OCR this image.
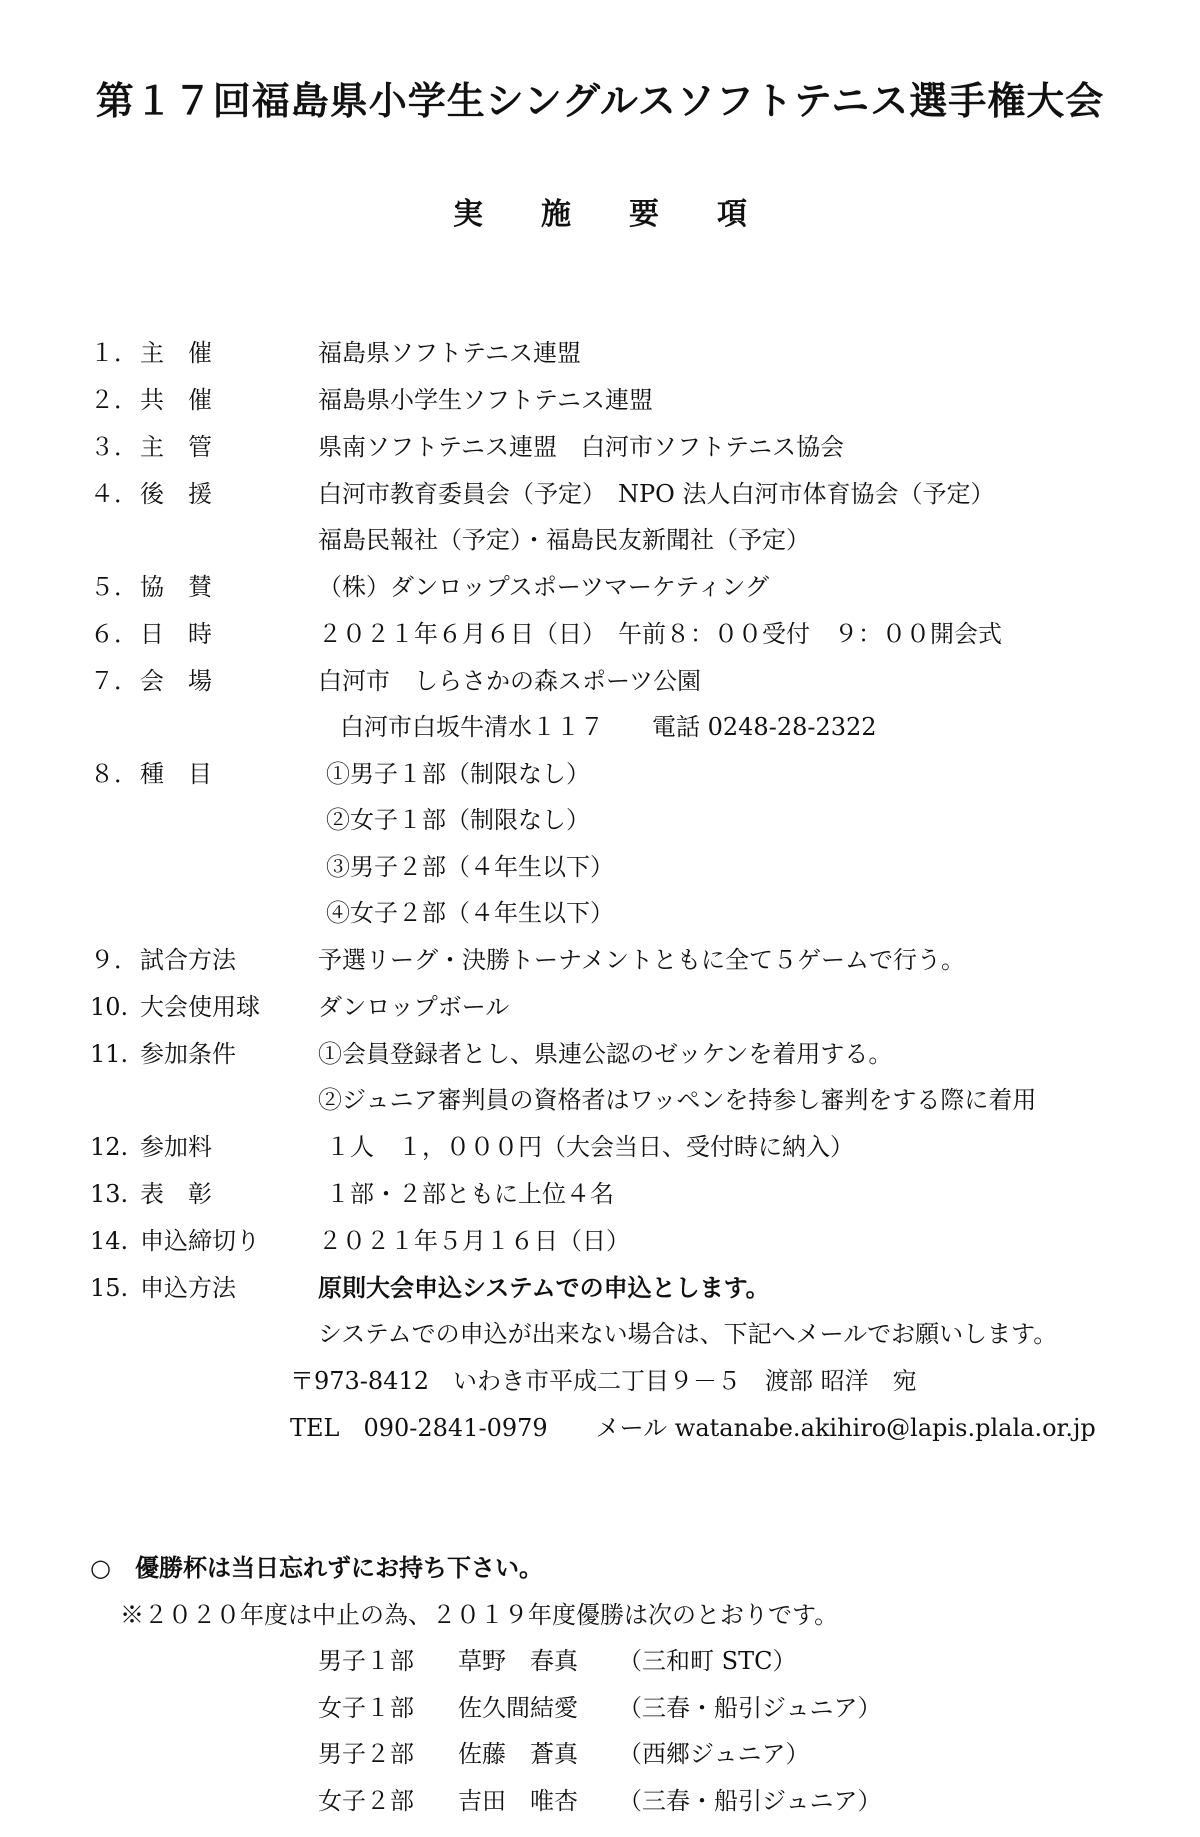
第１７回福島県小学生シングルスソフトテニス選手権大会
実施要項
１． 主　催	福島県ソフトテニス連盟
２． 共　催	福島県小学生ソフトテニス連盟
３． 主　管	県南ソフトテニス連盟　白河市ソフトテニス協会
４． 後　援	白河市教育委員会（予定）　NPO 法人白河市体育協会（予定）
福島民報社（予定）・福島民友新聞社（予定）
５． 協　賛	（株）ダンロップスポーツマーケティング
６． 日　時	２０２１年６月６日（日）　午前８：００受付　９：００開会式
７． 会　場	白河市　しらさかの森スポーツ公園
白河市白坂牛清水１１７　　電話 0248-28-2322
８． 種　目	①男子１部（制限なし）
②女子１部（制限なし）
③男子２部（４年生以下）
④女子２部（４年生以下）
９． 試合方法	予選リーグ・決勝トーナメントともに全て５ゲームで行う。
10. 大会使用球 ダンロップボール
11. 参加条件	①会員登録者とし、県連公認のゼッケンを着用する。
②ジュニア審判員の資格者はワッペンを持参し審判をする際に着用
12. 参加料	１人　１，０００円（大会当日、受付時に納入）
13. 表　彰	１部・２部ともに上位４名
14. 申込締切り ２０２１年５月１６日（日）
15. 申込方法	原則大会申込システムでの申込とします。
システムでの申込が出来ない場合は、下記へメールでお願いします。
〒973-8412　いわき市平成二丁目９－５　渡部 昭洋　宛
TEL　090-2841-0979　　メール watanabe.akihiro@lapis.plala.or.jp
○　優勝杯は当日忘れずにお持ち下さい。
※２０２０年度は中止の為、２０１９年度優勝は次のとおりです。
男子１部 草野　春真 （三和町 STC）
女子１部 佐久間結愛 （三春・船引ジュニア）
男子２部 佐藤　蒼真 （西郷ジュニア）
女子２部 吉田　唯杏 （三春・船引ジュニア）
